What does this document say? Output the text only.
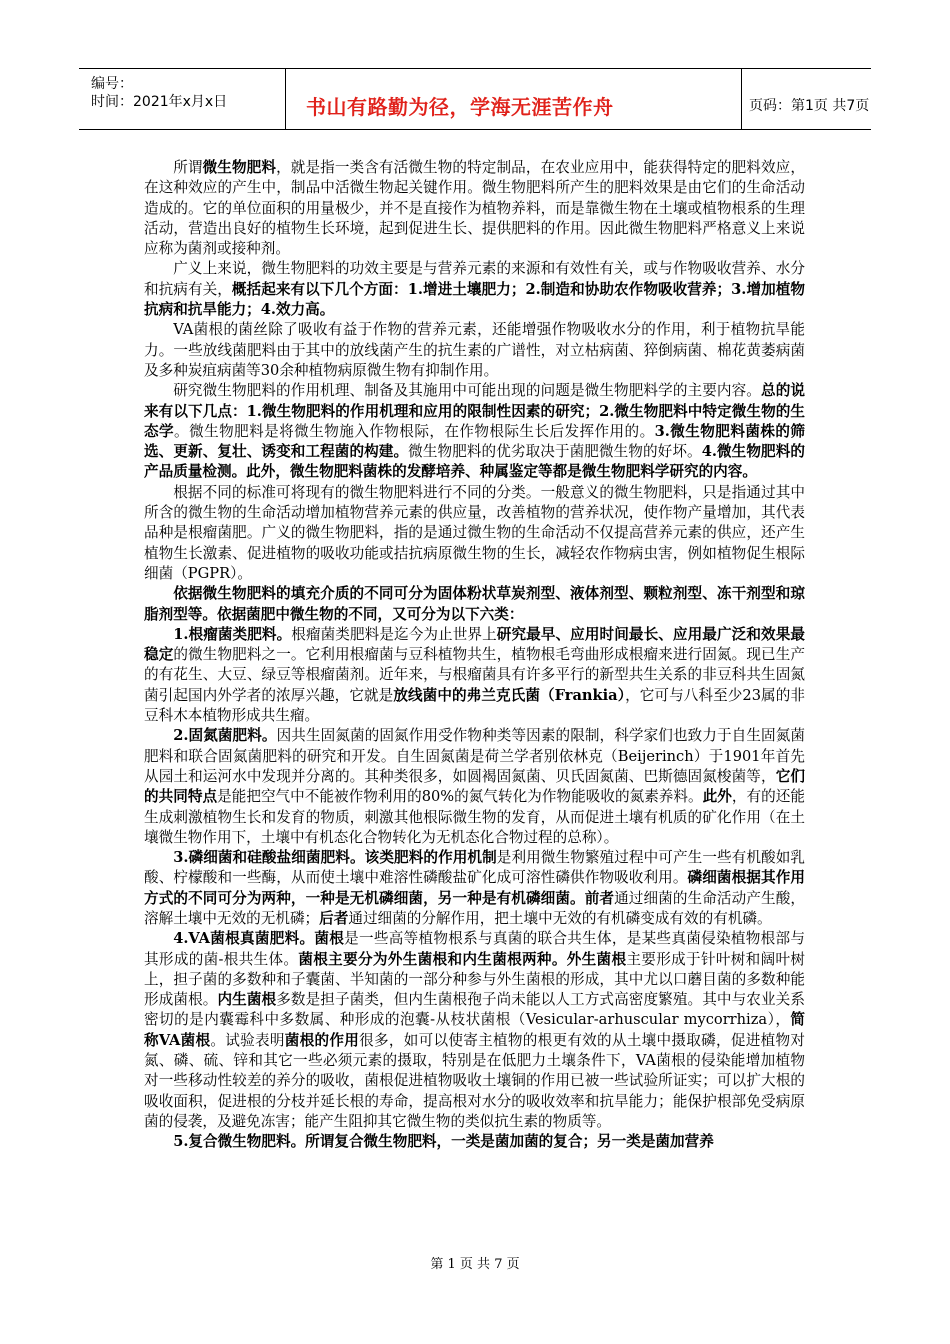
编号：
时间：2021年x月x日	书山有路勤为径，学海无涯苦作舟	页码：第1页 共7页

所谓微生物肥料，就是指一类含有活微生物的特定制品，在农业应用中，能获得特定的肥料效应，在这种效应的产生中，制品中活微生物起关键作用。微生物肥料所产生的肥料效果是由它们的生命活动造成的。它的单位面积的用量极少，并不是直接作为植物养料，而是靠微生物在土壤或植物根系的生理活动，营造出良好的植物生长环境，起到促进生长、提供肥料的作用。因此微生物肥料严格意义上来说应称为菌剂或接种剂。

广义上来说，微生物肥料的功效主要是与营养元素的来源和有效性有关，或与作物吸收营养、水分和抗病有关，概括起来有以下几个方面：1.增进土壤肥力；2.制造和协助农作物吸收营养；3.增加植物抗病和抗旱能力；4.效力高。

VA菌根的菌丝除了吸收有益于作物的营养元素，还能增强作物吸收水分的作用，利于植物抗旱能力。一些放线菌肥料由于其中的放线菌产生的抗生素的广谱性，对立枯病菌、猝倒病菌、棉花黄萎病菌及多种炭疽病菌等30余种植物病原微生物有抑制作用。

研究微生物肥料的作用机理、制备及其施用中可能出现的问题是微生物肥料学的主要内容。总的说来有以下几点：1.微生物肥料的作用机理和应用的限制性因素的研究；2.微生物肥料中特定微生物的生态学。微生物肥料是将微生物施入作物根际，在作物根际生长后发挥作用的。3.微生物肥料菌株的筛选、更新、复壮、诱变和工程菌的构建。微生物肥料的优劣取决于菌肥微生物的好坏。4.微生物肥料的产品质量检测。此外，微生物肥料菌株的发酵培养、种属鉴定等都是微生物肥料学研究的内容。

根据不同的标准可将现有的微生物肥料进行不同的分类。一般意义的微生物肥料，只是指通过其中所含的微生物的生命活动增加植物营养元素的供应量，改善植物的营养状况，使作物产量增加，其代表品种是根瘤菌肥。广义的微生物肥料，指的是通过微生物的生命活动不仅提高营养元素的供应，还产生植物生长激素、促进植物的吸收功能或拮抗病原微生物的生长，减轻农作物病虫害，例如植物促生根际细菌（PGPR）。

依据微生物肥料的填充介质的不同可分为固体粉状草炭剂型、液体剂型、颗粒剂型、冻干剂型和琼脂剂型等。依据菌肥中微生物的不同，又可分为以下六类：

1.根瘤菌类肥料。根瘤菌类肥料是迄今为止世界上研究最早、应用时间最长、应用最广泛和效果最稳定的微生物肥料之一。它利用根瘤菌与豆科植物共生，植物根毛弯曲形成根瘤来进行固氮。现已生产的有花生、大豆、绿豆等根瘤菌剂。近年来，与根瘤菌具有许多平行的新型共生关系的非豆科共生固氮菌引起国内外学者的浓厚兴趣，它就是放线菌中的弗兰克氏菌（Frankia），它可与八科至少23属的非豆科木本植物形成共生瘤。

2.固氮菌肥料。因共生固氮菌的固氮作用受作物种类等因素的限制，科学家们也致力于自生固氮菌肥料和联合固氮菌肥料的研究和开发。自生固氮菌是荷兰学者别依林克（Beijerinch）于1901年首先从园土和运河水中发现并分离的。其种类很多，如圆褐固氮菌、贝氏固氮菌、巴斯德固氮梭菌等，它们的共同特点是能把空气中不能被作物利用的80%的氮气转化为作物能吸收的氮素养料。此外，有的还能生成刺激植物生长和发育的物质，刺激其他根际微生物的发育，从而促进土壤有机质的矿化作用（在土壤微生物作用下，土壤中有机态化合物转化为无机态化合物过程的总称）。

3.磷细菌和硅酸盐细菌肥料。该类肥料的作用机制是利用微生物繁殖过程中可产生一些有机酸如乳酸、柠檬酸和一些酶，从而使土壤中难溶性磷酸盐矿化成可溶性磷供作物吸收利用。磷细菌根据其作用方式的不同可分为两种，一种是无机磷细菌，另一种是有机磷细菌。前者通过细菌的生命活动产生酸，溶解土壤中无效的无机磷；后者通过细菌的分解作用，把土壤中无效的有机磷变成有效的有机磷。

4.VA菌根真菌肥料。菌根是一些高等植物根系与真菌的联合共生体，是某些真菌侵染植物根部与其形成的菌-根共生体。菌根主要分为外生菌根和内生菌根两种。外生菌根主要形成于针叶树和阔叶树上，担子菌的多数种和子囊菌、半知菌的一部分种参与外生菌根的形成，其中尤以口蘑目菌的多数种能形成菌根。内生菌根多数是担子菌类，但内生菌根孢子尚未能以人工方式高密度繁殖。其中与农业关系密切的是内囊霉科中多数属、种形成的泡囊-从枝状菌根（Vesicular-arhuscular mycorrhiza），简称VA菌根。试验表明菌根的作用很多，如可以使寄主植物的根更有效的从土壤中摄取磷，促进植物对氮、磷、硫、锌和其它一些必须元素的摄取，特别是在低肥力土壤条件下，VA菌根的侵染能增加植物对一些移动性较差的养分的吸收，菌根促进植物吸收土壤铜的作用已被一些试验所证实；可以扩大根的吸收面积，促进根的分枝并延长根的寿命，提高根对水分的吸收效率和抗旱能力；能保护根部免受病原菌的侵袭，及避免冻害；能产生阻抑其它微生物的类似抗生素的物质等。

5.复合微生物肥料。所谓复合微生物肥料，一类是菌加菌的复合；另一类是菌加营养

第 1 页 共 7 页
